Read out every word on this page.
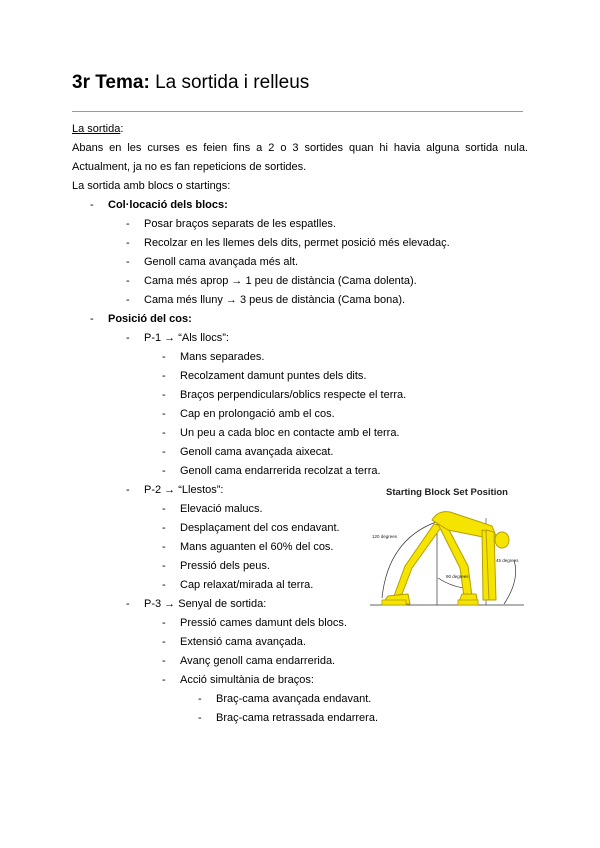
3r Tema: La sortida i relleus
La sortida:
Abans en les curses es feien fins a 2 o 3 sortides quan hi havia alguna sortida nula.
Actualment, ja no es fan repeticions de sortides.
La sortida amb blocs o startings:
- Col·locació dels blocs:
- Posar braços separats de les espatlles.
- Recolzar en les llemes dels dits, permet posició més elevadaç.
- Genoll cama avançada més alt.
- Cama més aprop → 1 peu de distància (Cama dolenta).
- Cama més lluny → 3 peus de distància (Cama bona).
- Posició del cos:
- P-1 → “Als llocs”:
- Mans separades.
- Recolzament damunt puntes dels dits.
- Braços perpendiculars/oblics respecte el terra.
- Cap en prolongació amb el cos.
- Un peu a cada bloc en contacte amb el terra.
- Genoll cama avançada aixecat.
- Genoll cama endarrerida recolzat a terra.
- P-2 → “Llestos”:
- Elevació malucs.
- Desplaçament del cos endavant.
- Mans aguanten el 60% del cos.
- Pressió dels peus.
- Cap relaxat/mirada al terra.
- P-3 → Senyal de sortida:
- Pressió cames damunt dels blocs.
- Extensió cama avançada.
- Avanç genoll cama endarrerida.
- Acció simultània de braços:
- Braç-cama avançada endavant.
- Braç-cama retrassada endarrera.

Starting Block Set Position

120 degrees
90 degrees
45 degrees
